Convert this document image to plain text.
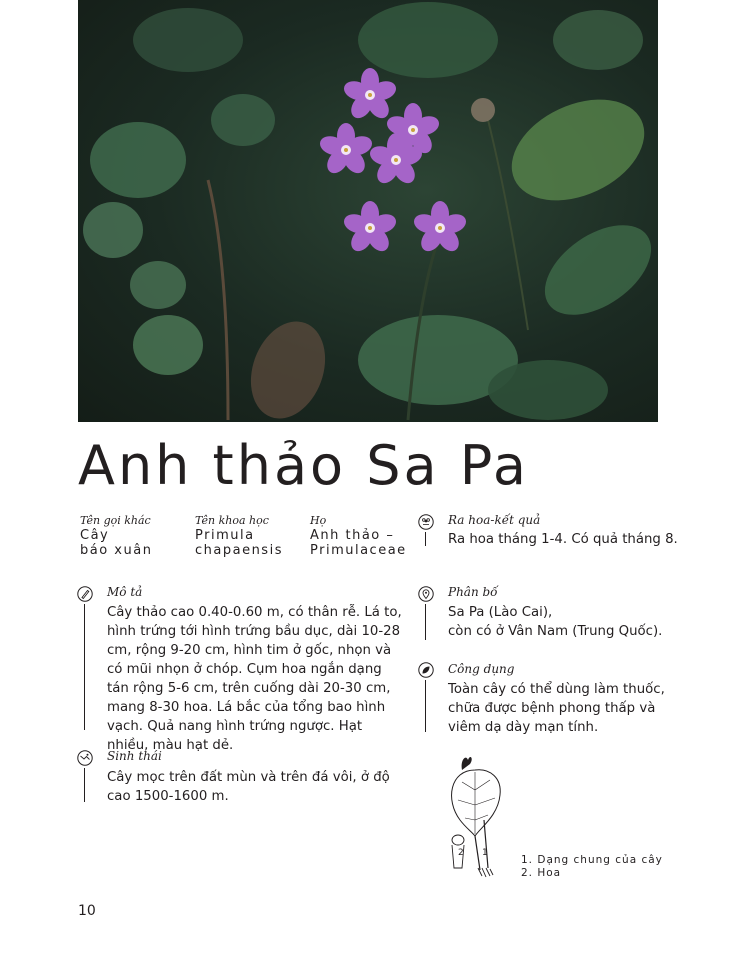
Anh thảo Sa Pa
Tên gọi khác
Cây
báo xuân
Tên khoa học
Primula
chapaensis
Họ
Anh thảo –
Primulaceae
Ra hoa-kết quả

Ra hoa tháng 1-4. Có quả tháng 8.

Mô tả

Cây thảo cao 0.40-0.60 m, có thân rễ. Lá to, hình trứng tới hình trứng bầu dục, dài 10-28 cm, rộng 9-20 cm, hình tim ở gốc, nhọn và có mũi nhọn ở chóp. Cụm hoa ngắn dạng tán rộng 5-6 cm, trên cuống dài 20-30 cm, mang 8-30 hoa. Lá bắc của tổng bao hình vạch. Quả nang hình trứng ngược. Hạt nhiều, màu hạt dẻ.

Phân bố
Sa Pa (Lào Cai),
còn có ở Vân Nam (Trung Quốc).
Công dụng

Toàn cây có thể dùng làm thuốc, chữa được bệnh phong thấp và viêm dạ dày mạn tính.

Sinh thái

Cây mọc trên đất mùn và trên đá vôi, ở độ cao 1500-1600 m.

2 1
1. Dạng chung của cây
2. Hoa
10
